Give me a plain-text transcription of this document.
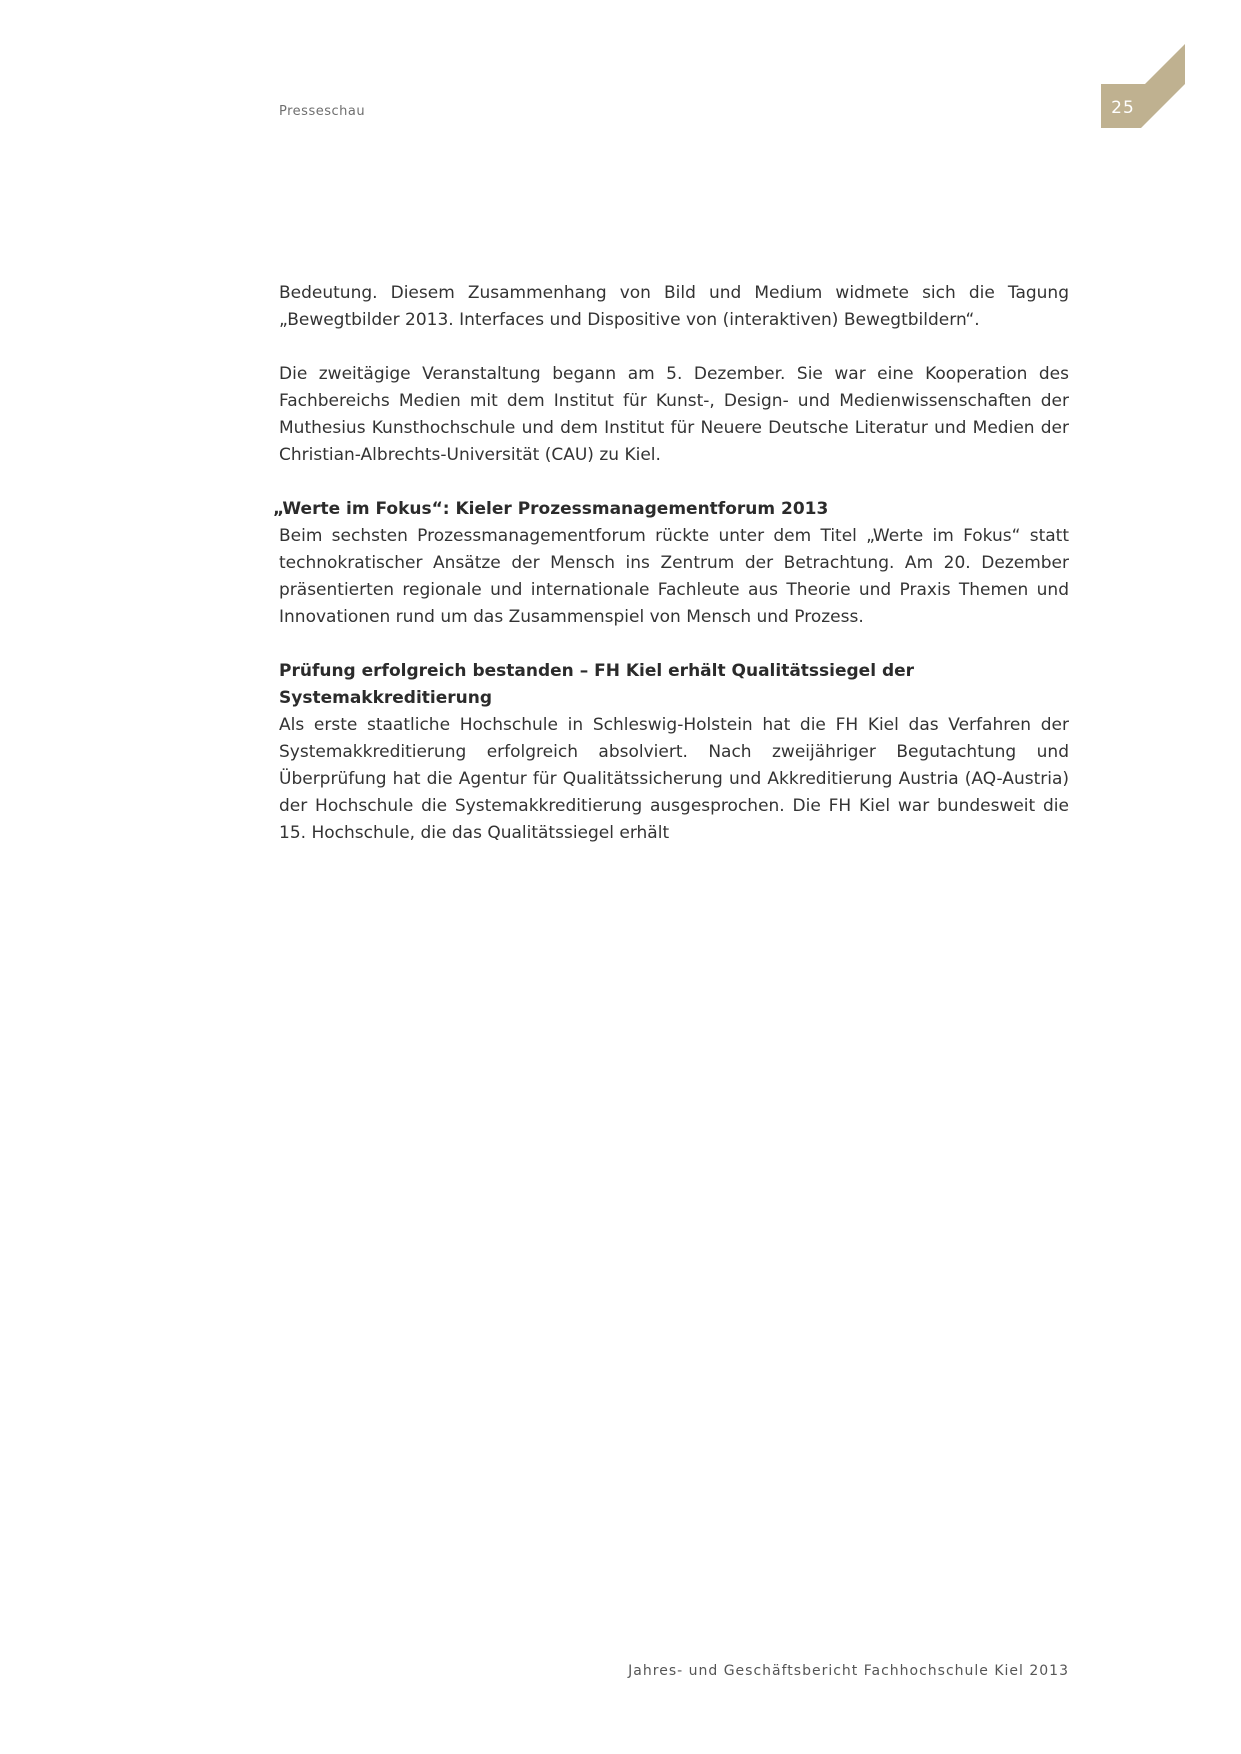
Presseschau	25

Bedeutung. Diesem Zusammenhang von Bild und Medium widmete sich die Tagung „Bewegtbilder 2013. Interfaces und Dispositive von (interaktiven) Bewegtbildern“.

Die zweitägige Veranstaltung begann am 5. Dezember. Sie war eine Kooperation des Fachbereichs Medien mit dem Institut für Kunst-, Design- und Medienwissenschaften der Muthesius Kunsthochschule und dem Institut für Neuere Deutsche Literatur und Medien der Christian-Albrechts-Universität (CAU) zu Kiel.

„Werte im Fokus“: Kieler Prozessmanagementforum 2013

Beim sechsten Prozessmanagementforum rückte unter dem Titel „Werte im Fokus“ statt technokratischer Ansätze der Mensch ins Zentrum der Betrachtung. Am 20. Dezember präsentierten regionale und internationale Fachleute aus Theorie und Praxis Themen und Innovationen rund um das Zusammenspiel von Mensch und Prozess.

Prüfung erfolgreich bestanden – FH Kiel erhält Qualitätssiegel der Systemakkreditierung

Als erste staatliche Hochschule in Schleswig-Holstein hat die FH Kiel das Verfahren der Systemakkreditierung erfolgreich absolviert. Nach zweijähriger Begutachtung und Überprüfung hat die Agentur für Qualitätssicherung und Akkreditierung Austria (AQ-Austria) der Hochschule die Systemakkreditierung ausgesprochen. Die FH Kiel war bundesweit die 15. Hochschule, die das Qualitätssiegel erhält

Jahres- und Geschäftsbericht Fachhochschule Kiel 2013
